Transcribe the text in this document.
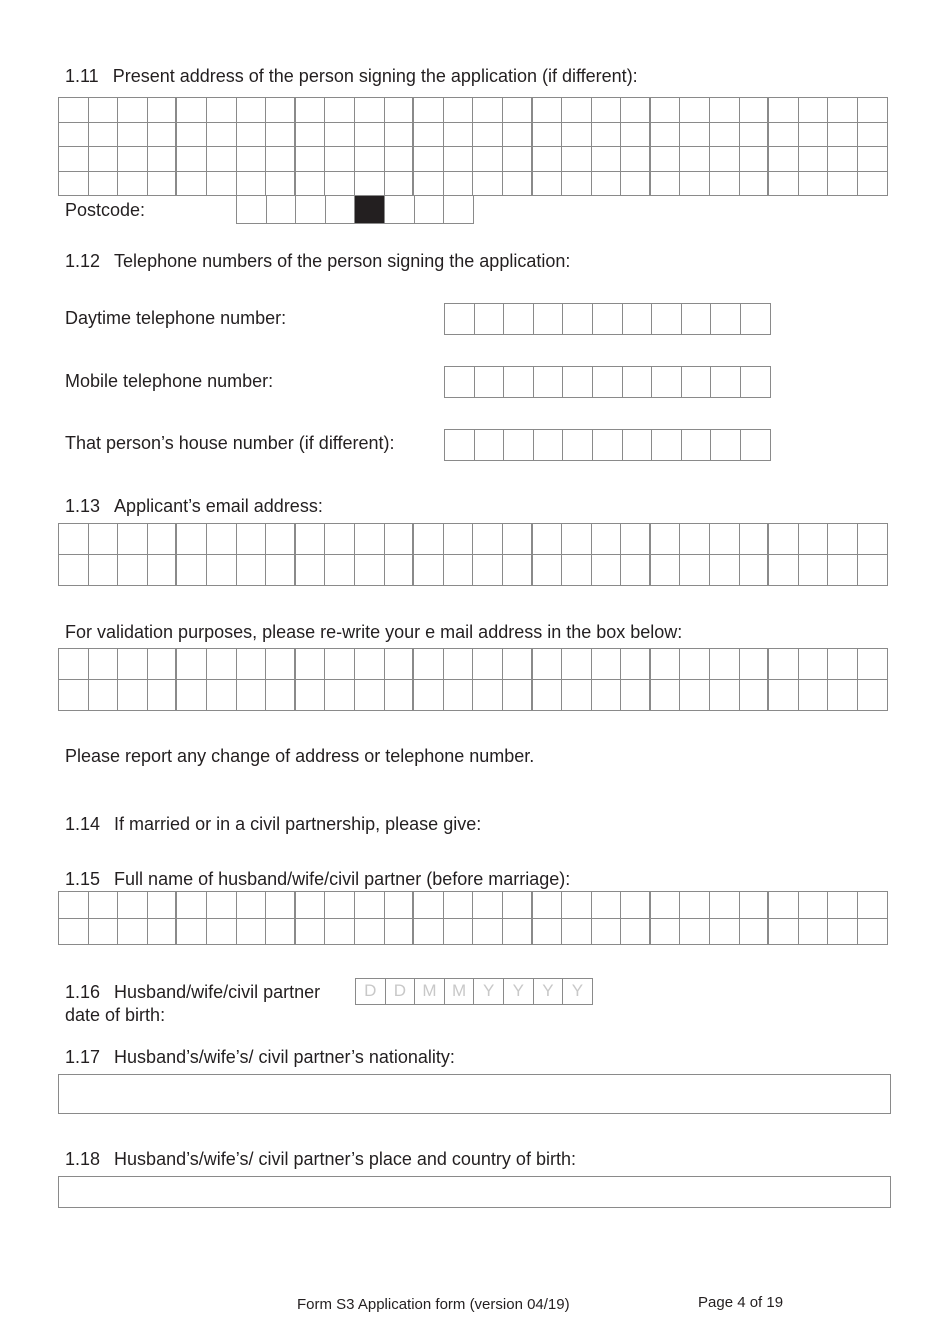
1.11 Present address of the person signing the application (if different):
Postcode:
1.12 Telephone numbers of the person signing the application:
Daytime telephone number:
Mobile telephone number:
That person’s house number (if different):
1.13 Applicant’s email address:
For validation purposes, please re-write your e mail address in the box below:
Please report any change of address or telephone number.
1.14 If married or in a civil partnership, please give:
1.15 Full name of husband/wife/civil partner (before marriage):
1.16 Husband/wife/civil partner
date of birth:
D	D M M Y	Y	Y	Y
1.17 Husband’s/wife’s/ civil partner’s nationality:
1.18 Husband’s/wife’s/ civil partner’s place and country of birth:
Form S3 Application form (version 04/19)	Page 4 of 19
